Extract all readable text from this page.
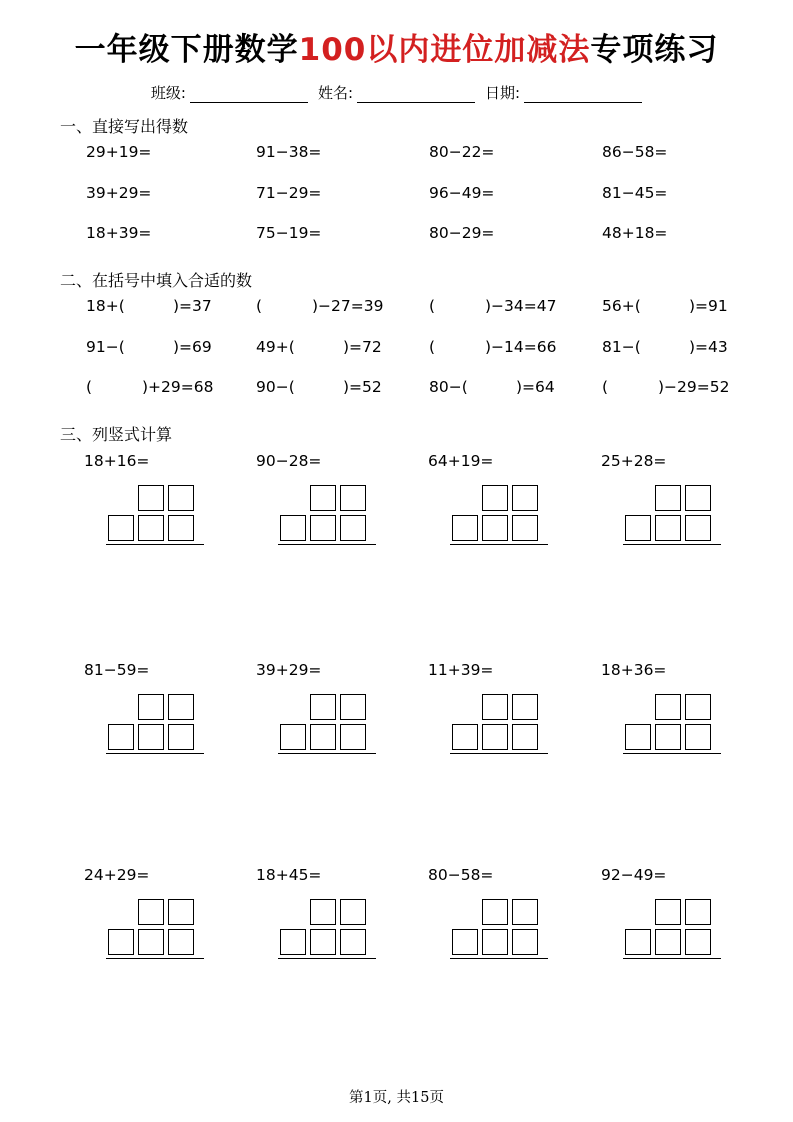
一年级下册数学100以内进位加减法专项练习
班级:	姓名:	日期:
一、直接写出得数
29+19=	91−38=	80−22=	86−58=
39+29=	71−29=	96−49=	81−45=
18+39=	75−19=	80−29=	48+18=
二、在括号中填入合适的数
18+(	)=37	(	)−27=39	(	)−34=47	56+(	)=91
91−(	)=69	49+(	)=72	(	)−14=66	81−(	)=43
(	)+29=68	90−(	)=52	80−(	)=64	(	)−29=52
三、列竖式计算
18+16=	90−28=	64+19=	25+28=
81−59=	39+29=	11+39=	18+36=
24+29=	18+45=	80−58=	92−49=
第1页, 共15页
